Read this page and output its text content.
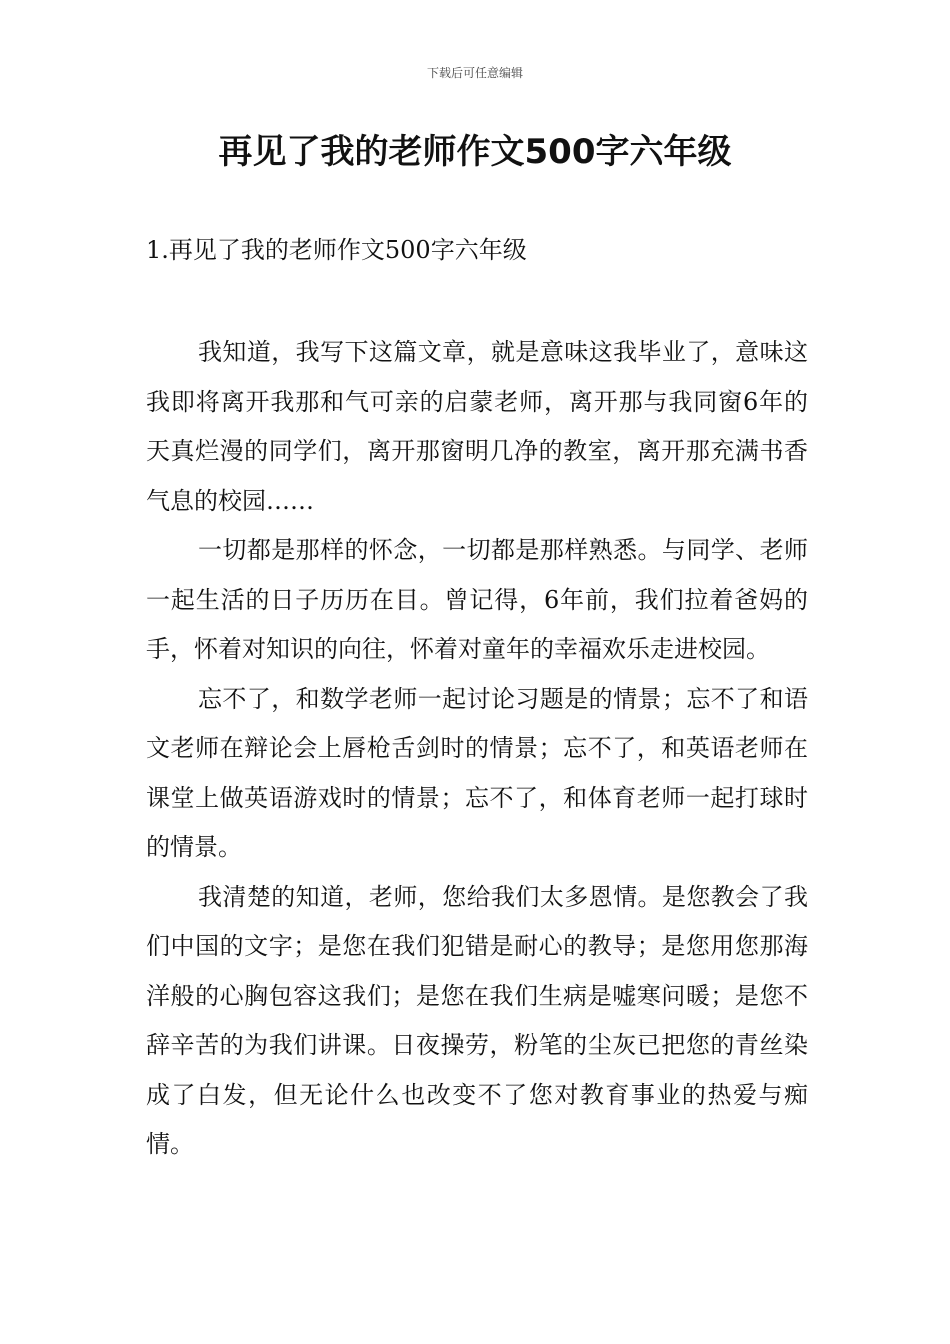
下载后可任意编辑
再见了我的老师作文500字六年级
1.再见了我的老师作文500字六年级

我知道，我写下这篇文章，就是意味这我毕业了，意味这我即将离开我那和气可亲的启蒙老师，离开那与我同窗6年的天真烂漫的同学们，离开那窗明几净的教室，离开那充满书香气息的校园……

一切都是那样的怀念，一切都是那样熟悉。与同学、老师一起生活的日子历历在目。曾记得，6年前，我们拉着爸妈的手，怀着对知识的向往，怀着对童年的幸福欢乐走进校园。

忘不了，和数学老师一起讨论习题是的情景；忘不了和语文老师在辩论会上唇枪舌剑时的情景；忘不了，和英语老师在课堂上做英语游戏时的情景；忘不了，和体育老师一起打球时的情景。

我清楚的知道，老师，您给我们太多恩情。是您教会了我们中国的文字；是您在我们犯错是耐心的教导；是您用您那海洋般的心胸包容这我们；是您在我们生病是嘘寒问暖；是您不辞辛苦的为我们讲课。日夜操劳，粉笔的尘灰已把您的青丝染成了白发，但无论什么也改变不了您对教育事业的热爱与痴情。
